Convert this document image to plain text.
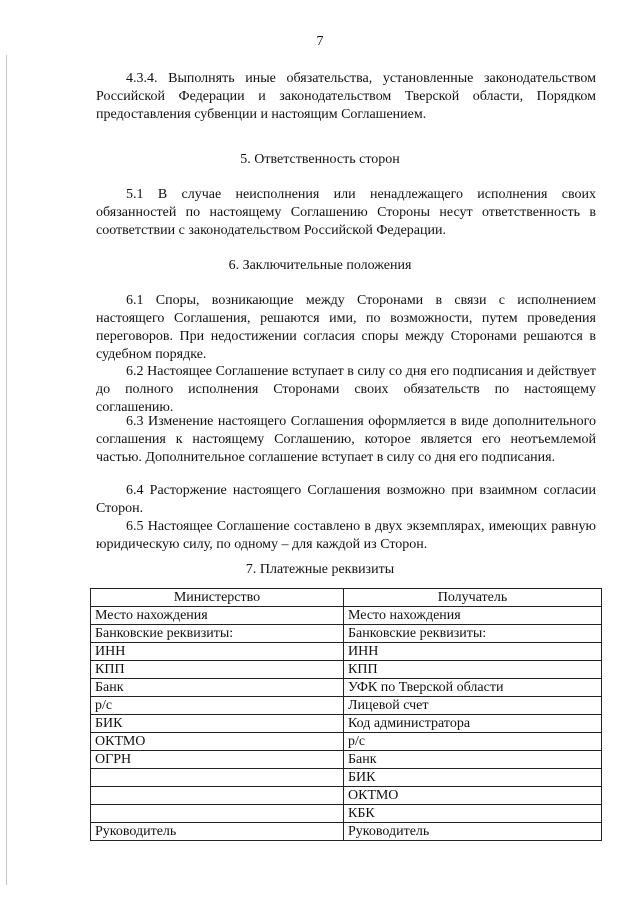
7

4.3.4. Выполнять иные обязательства, установленные законодательством Российской Федерации и законодательством Тверской области, Порядком предоставления субвенции и настоящим Соглашением.

5. Ответственность сторон

5.1 В случае неисполнения или ненадлежащего исполнения своих обязанностей по настоящему Соглашению Стороны несут ответственность в соответствии с законодательством Российской Федерации.

6. Заключительные положения

6.1 Споры, возникающие между Сторонами в связи с исполнением настоящего Соглашения, решаются ими, по возможности, путем проведения переговоров. При недостижении согласия споры между Сторонами решаются в судебном порядке.

6.2 Настоящее Соглашение вступает в силу со дня его подписания и действует до полного исполнения Сторонами своих обязательств по настоящему соглашению.

6.3 Изменение настоящего Соглашения оформляется в виде дополнительного соглашения к настоящему Соглашению, которое является его неотъемлемой частью. Дополнительное соглашение вступает в силу со дня его подписания.

6.4 Расторжение настоящего Соглашения возможно при взаимном согласии Сторон.

6.5 Настоящее Соглашение составлено в двух экземплярах, имеющих равную юридическую силу, по одному – для каждой из Сторон.

7. Платежные реквизиты
Министерство	Получатель
Место нахождения	Место нахождения
Банковские реквизиты:	Банковские реквизиты:
ИНН	ИНН
КПП	КПП
Банк	УФК по Тверской области
р/с	Лицевой счет
БИК	Код администратора
ОКТМО	р/с
ОГРН	Банк
	БИК
	ОКТМО
	КБК
Руководитель	Руководитель
